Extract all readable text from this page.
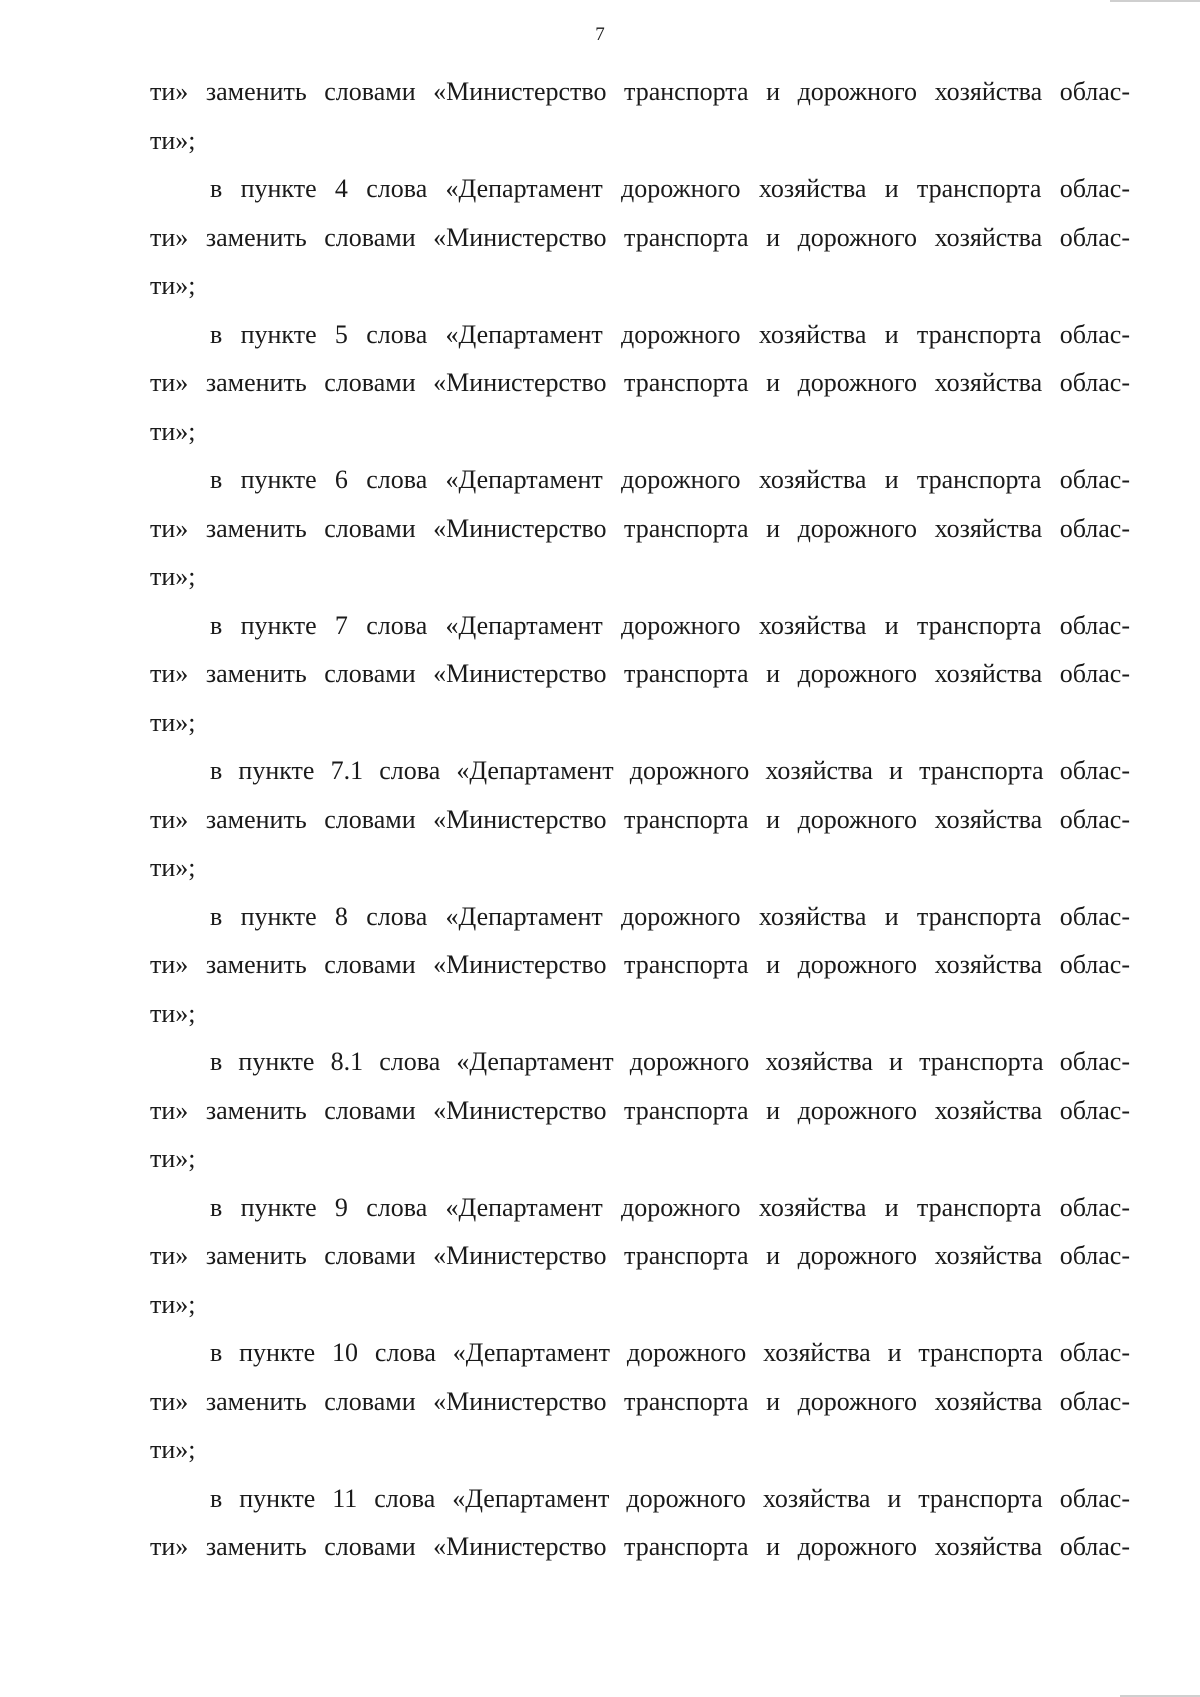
7
ти» заменить словами «Министерство транспорта и дорожного хозяйства облас-
ти»;
в пункте 4 слова «Департамент дорожного хозяйства и транспорта облас-
ти» заменить словами «Министерство транспорта и дорожного хозяйства облас-
ти»;
в пункте 5 слова «Департамент дорожного хозяйства и транспорта облас-
ти» заменить словами «Министерство транспорта и дорожного хозяйства облас-
ти»;
в пункте 6 слова «Департамент дорожного хозяйства и транспорта облас-
ти» заменить словами «Министерство транспорта и дорожного хозяйства облас-
ти»;
в пункте 7 слова «Департамент дорожного хозяйства и транспорта облас-
ти» заменить словами «Министерство транспорта и дорожного хозяйства облас-
ти»;
в пункте 7.1 слова «Департамент дорожного хозяйства и транспорта облас-
ти» заменить словами «Министерство транспорта и дорожного хозяйства облас-
ти»;
в пункте 8 слова «Департамент дорожного хозяйства и транспорта облас-
ти» заменить словами «Министерство транспорта и дорожного хозяйства облас-
ти»;
в пункте 8.1 слова «Департамент дорожного хозяйства и транспорта облас-
ти» заменить словами «Министерство транспорта и дорожного хозяйства облас-
ти»;
в пункте 9 слова «Департамент дорожного хозяйства и транспорта облас-
ти» заменить словами «Министерство транспорта и дорожного хозяйства облас-
ти»;
в пункте 10 слова «Департамент дорожного хозяйства и транспорта облас-
ти» заменить словами «Министерство транспорта и дорожного хозяйства облас-
ти»;
в пункте 11 слова «Департамент дорожного хозяйства и транспорта облас-
ти» заменить словами «Министерство транспорта и дорожного хозяйства облас-
